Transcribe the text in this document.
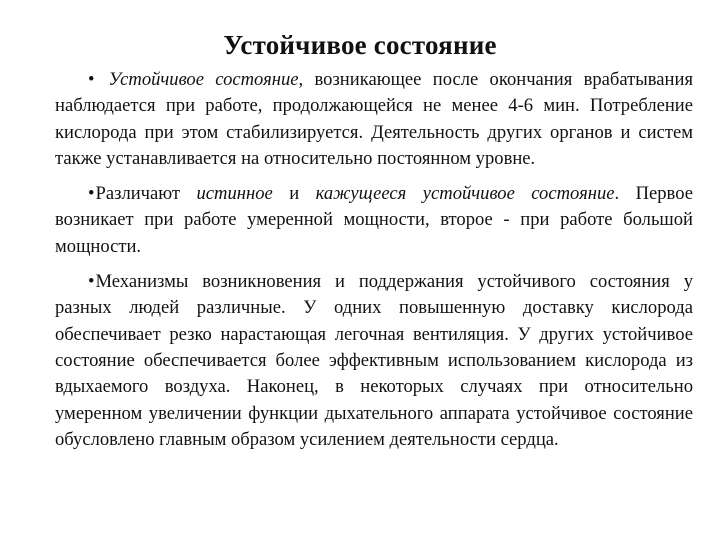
Устойчивое состояние

• Устойчивое состояние, возникающее после окончания врабатывания наблюдается при работе, продолжающейся не менее 4-6 мин. Потребление кислорода при этом стабилизируется. Деятельность других органов и систем также устанавливается на относительно постоянном уровне.

•Различают истинное и кажущееся устойчивое состояние. Первое возникает при работе умеренной мощности, второе - при работе большой мощности.

•Механизмы возникновения и поддержания устойчивого состояния у разных людей различные. У одних повышенную доставку кислорода обеспечивает резко нарастающая легочная вентиляция. У других устойчивое состояние обеспечивается более эффективным использованием кислорода из вдыхаемого воздуха. Наконец, в некоторых случаях при относительно умеренном увеличении функции дыхательного аппарата устойчивое состояние обусловлено главным образом усилением деятельности сердца.
